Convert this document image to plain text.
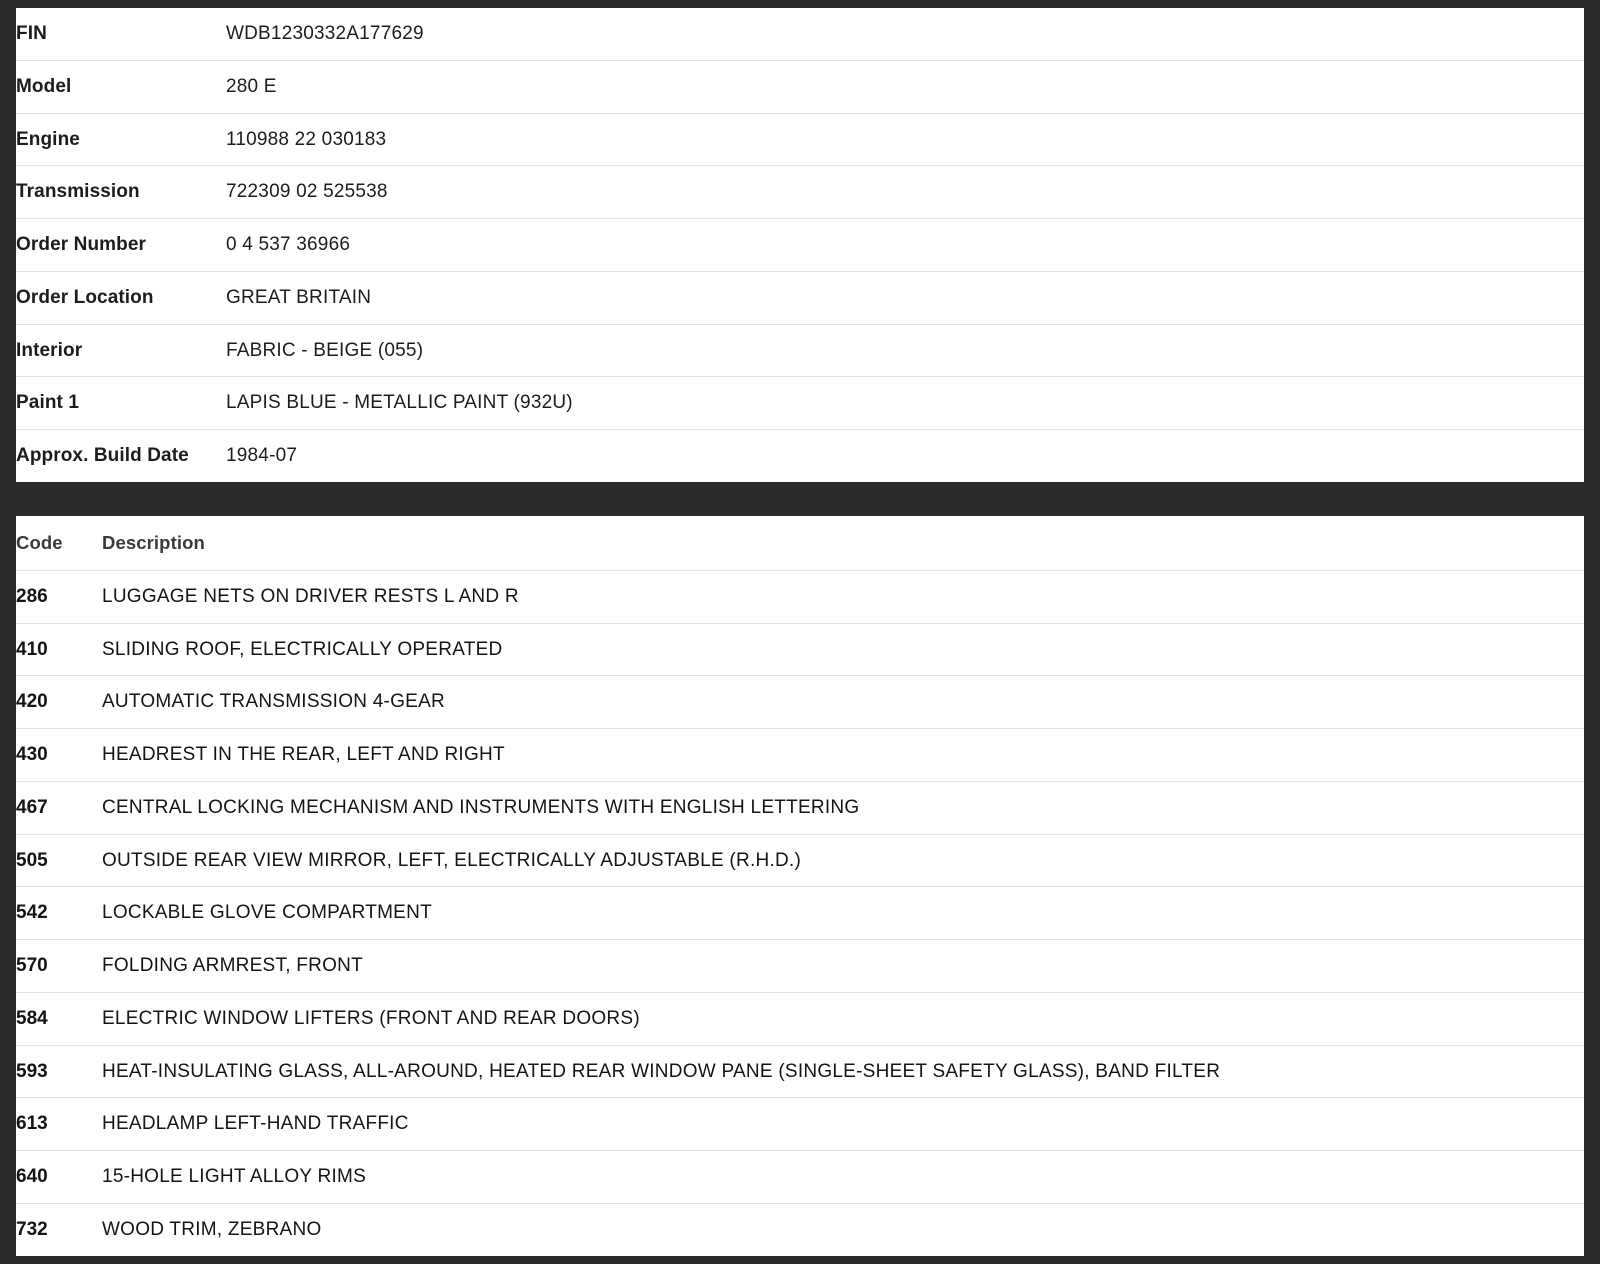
FIN	WDB1230332A177629
Model	280 E
Engine	110988 22 030183
Transmission	722309 02 525538
Order Number	0 4 537 36966
Order Location	GREAT BRITAIN
Interior	FABRIC - BEIGE (055)
Paint 1	LAPIS BLUE - METALLIC PAINT (932U)
Approx. Build Date	1984-07
Code	Description
286	LUGGAGE NETS ON DRIVER RESTS L AND R
410	SLIDING ROOF, ELECTRICALLY OPERATED
420	AUTOMATIC TRANSMISSION 4-GEAR
430	HEADREST IN THE REAR, LEFT AND RIGHT
467	CENTRAL LOCKING MECHANISM AND INSTRUMENTS WITH ENGLISH LETTERING
505	OUTSIDE REAR VIEW MIRROR, LEFT, ELECTRICALLY ADJUSTABLE (R.H.D.)
542	LOCKABLE GLOVE COMPARTMENT
570	FOLDING ARMREST, FRONT
584	ELECTRIC WINDOW LIFTERS (FRONT AND REAR DOORS)
593	HEAT-INSULATING GLASS, ALL-AROUND, HEATED REAR WINDOW PANE (SINGLE-SHEET SAFETY GLASS), BAND FILTER
613	HEADLAMP LEFT-HAND TRAFFIC
640	15-HOLE LIGHT ALLOY RIMS
732	WOOD TRIM, ZEBRANO
